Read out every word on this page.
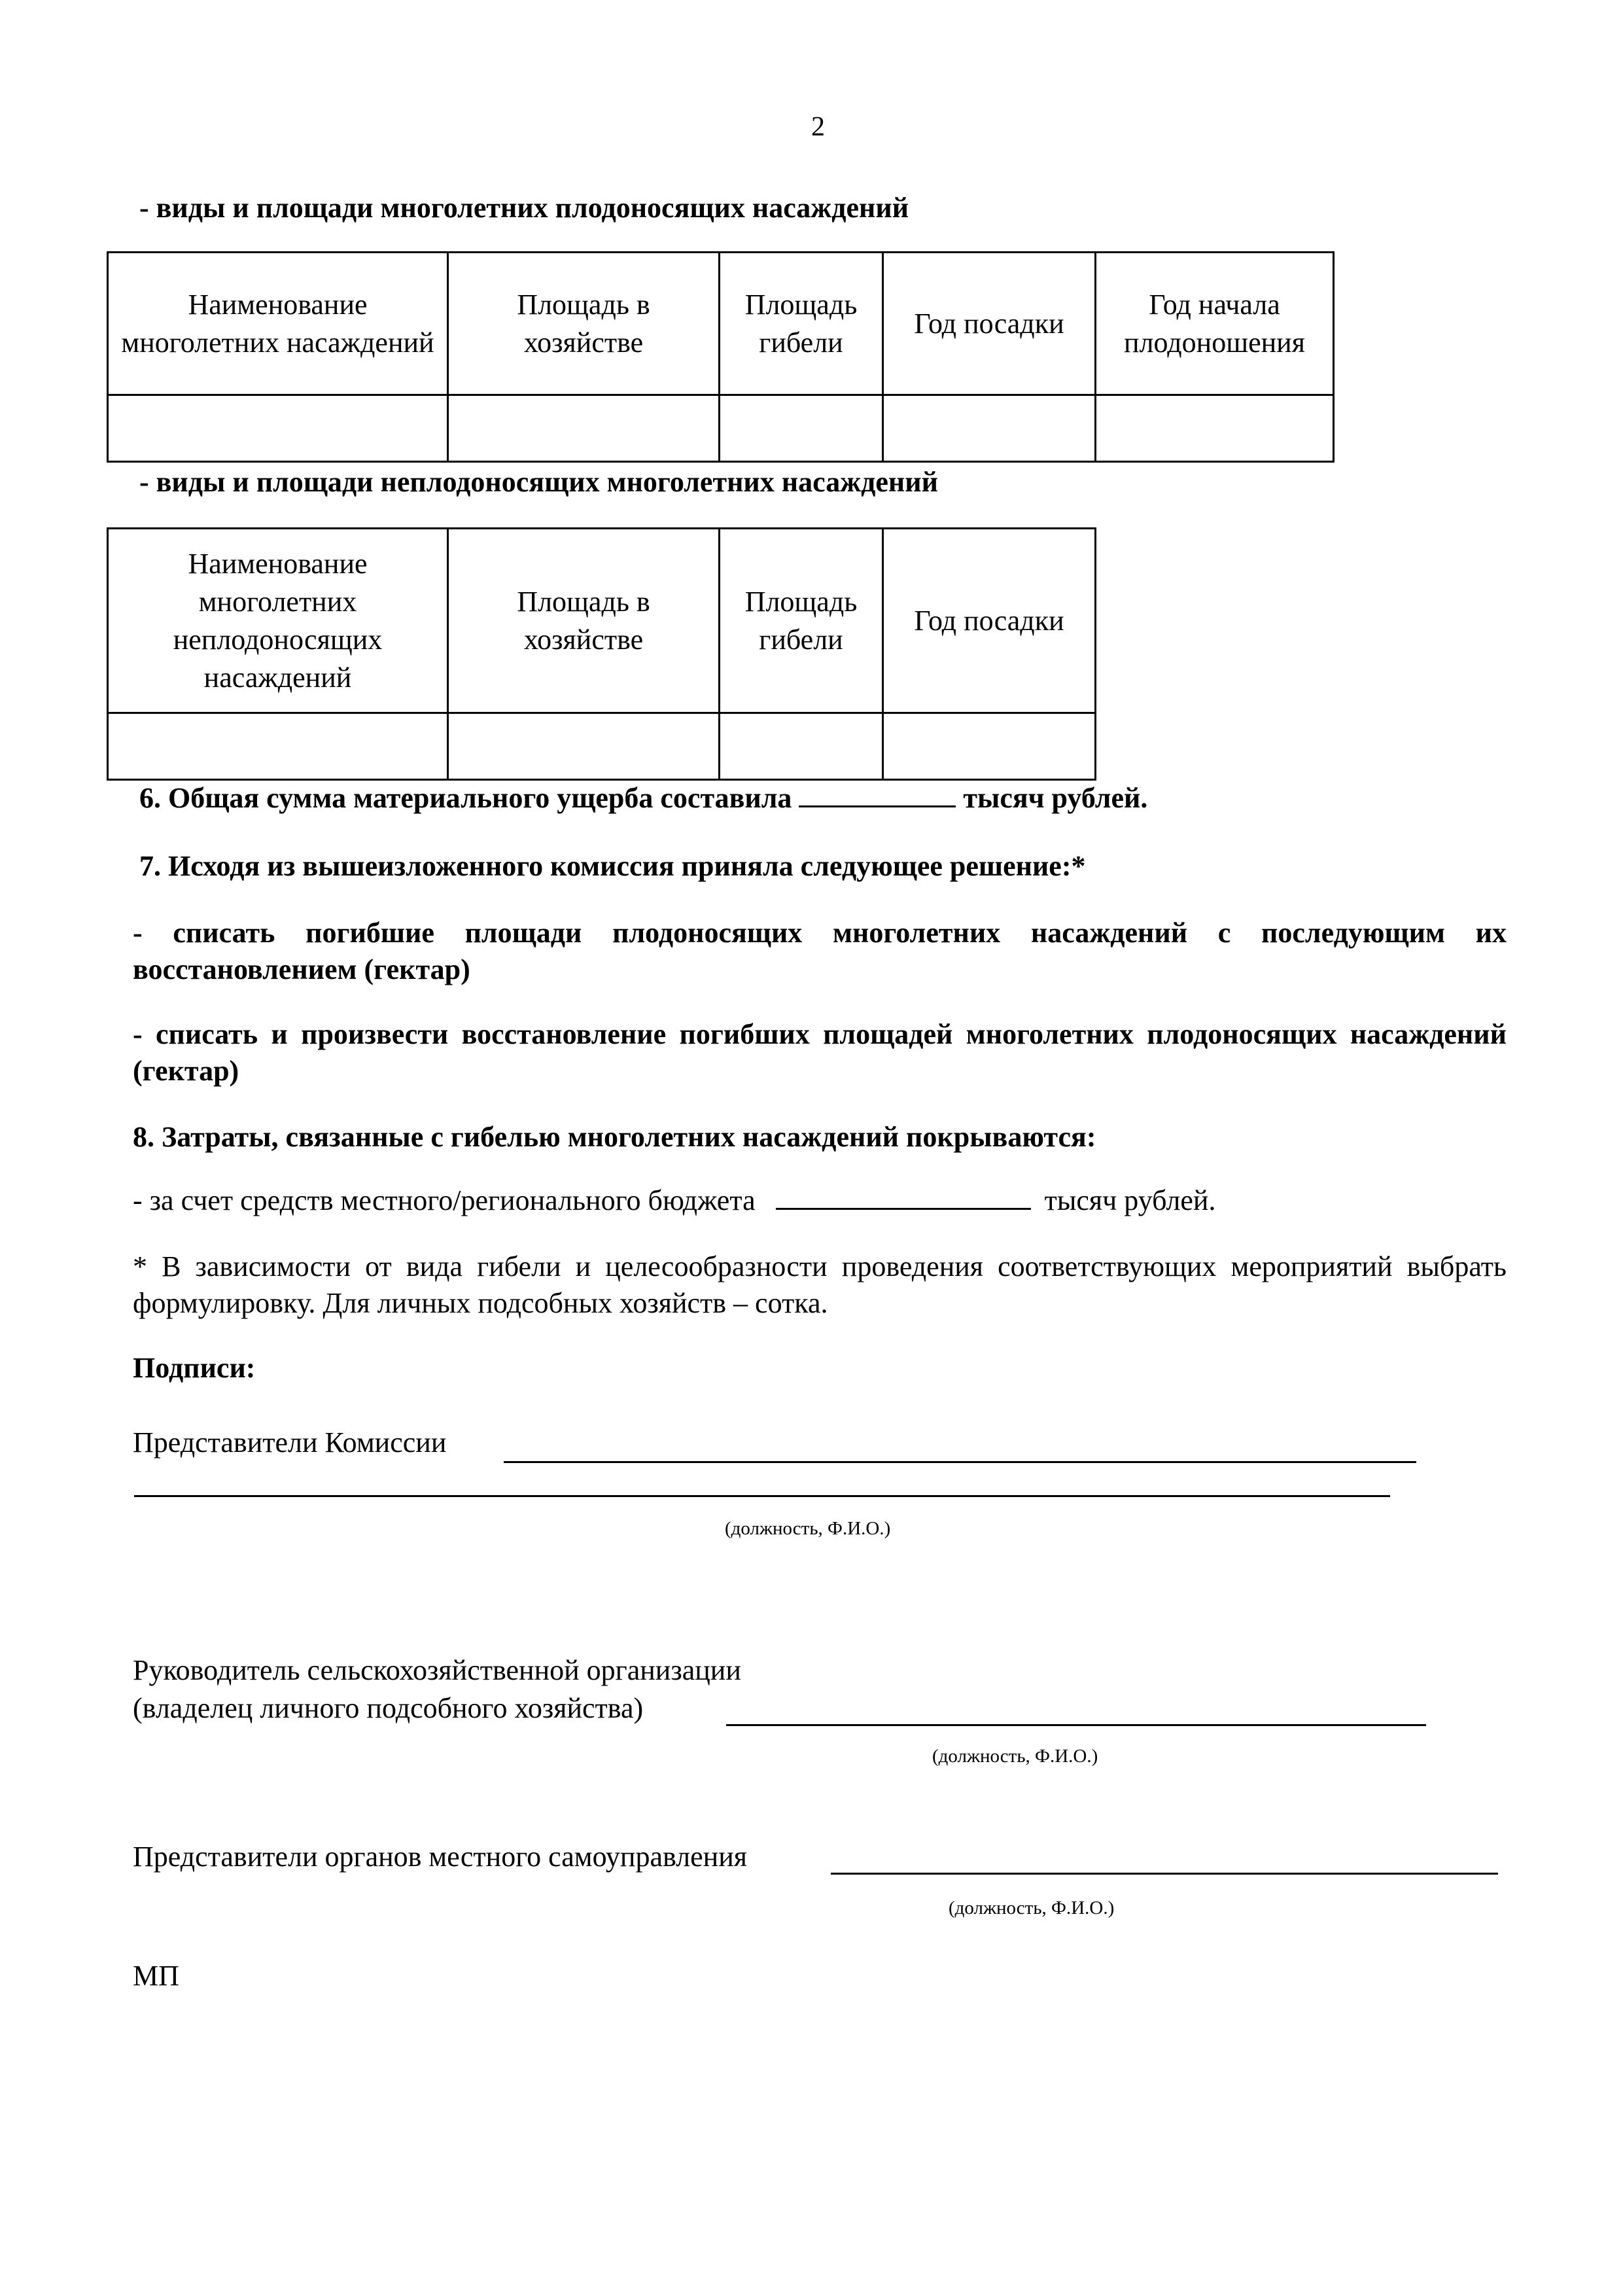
2
- виды и площади многолетних плодоносящих насаждений
Наименование многолетних насаждений	Площадь в хозяйстве	Площадь гибели	Год посадки	Год начала плодоношения

- виды и площади неплодоносящих многолетних насаждений
Наименование многолетних неплодоносящих насаждений	Площадь в хозяйстве	Площадь гибели	Год посадки

6. Общая сумма материального ущерба составила	тысяч рублей.
7. Исходя из вышеизложенного комиссия приняла следующее решение:*
- списать погибшие площади плодоносящих многолетних насаждений с последующим их восстановлением (гектар)
- списать и произвести восстановление погибших площадей многолетних плодоносящих насаждений (гектар)
8. Затраты, связанные с гибелью многолетних насаждений покрываются:
- за счет средств местного/регионального бюджета	тысяч рублей.
* В зависимости от вида гибели и целесообразности проведения соответствующих мероприятий выбрать формулировку. Для личных подсобных хозяйств – сотка.
Подписи:
Представители Комиссии
(должность, Ф.И.О.)
Руководитель сельскохозяйственной организации
(владелец личного подсобного хозяйства)
(должность, Ф.И.О.)
Представители органов местного самоуправления
(должность, Ф.И.О.)
МП
